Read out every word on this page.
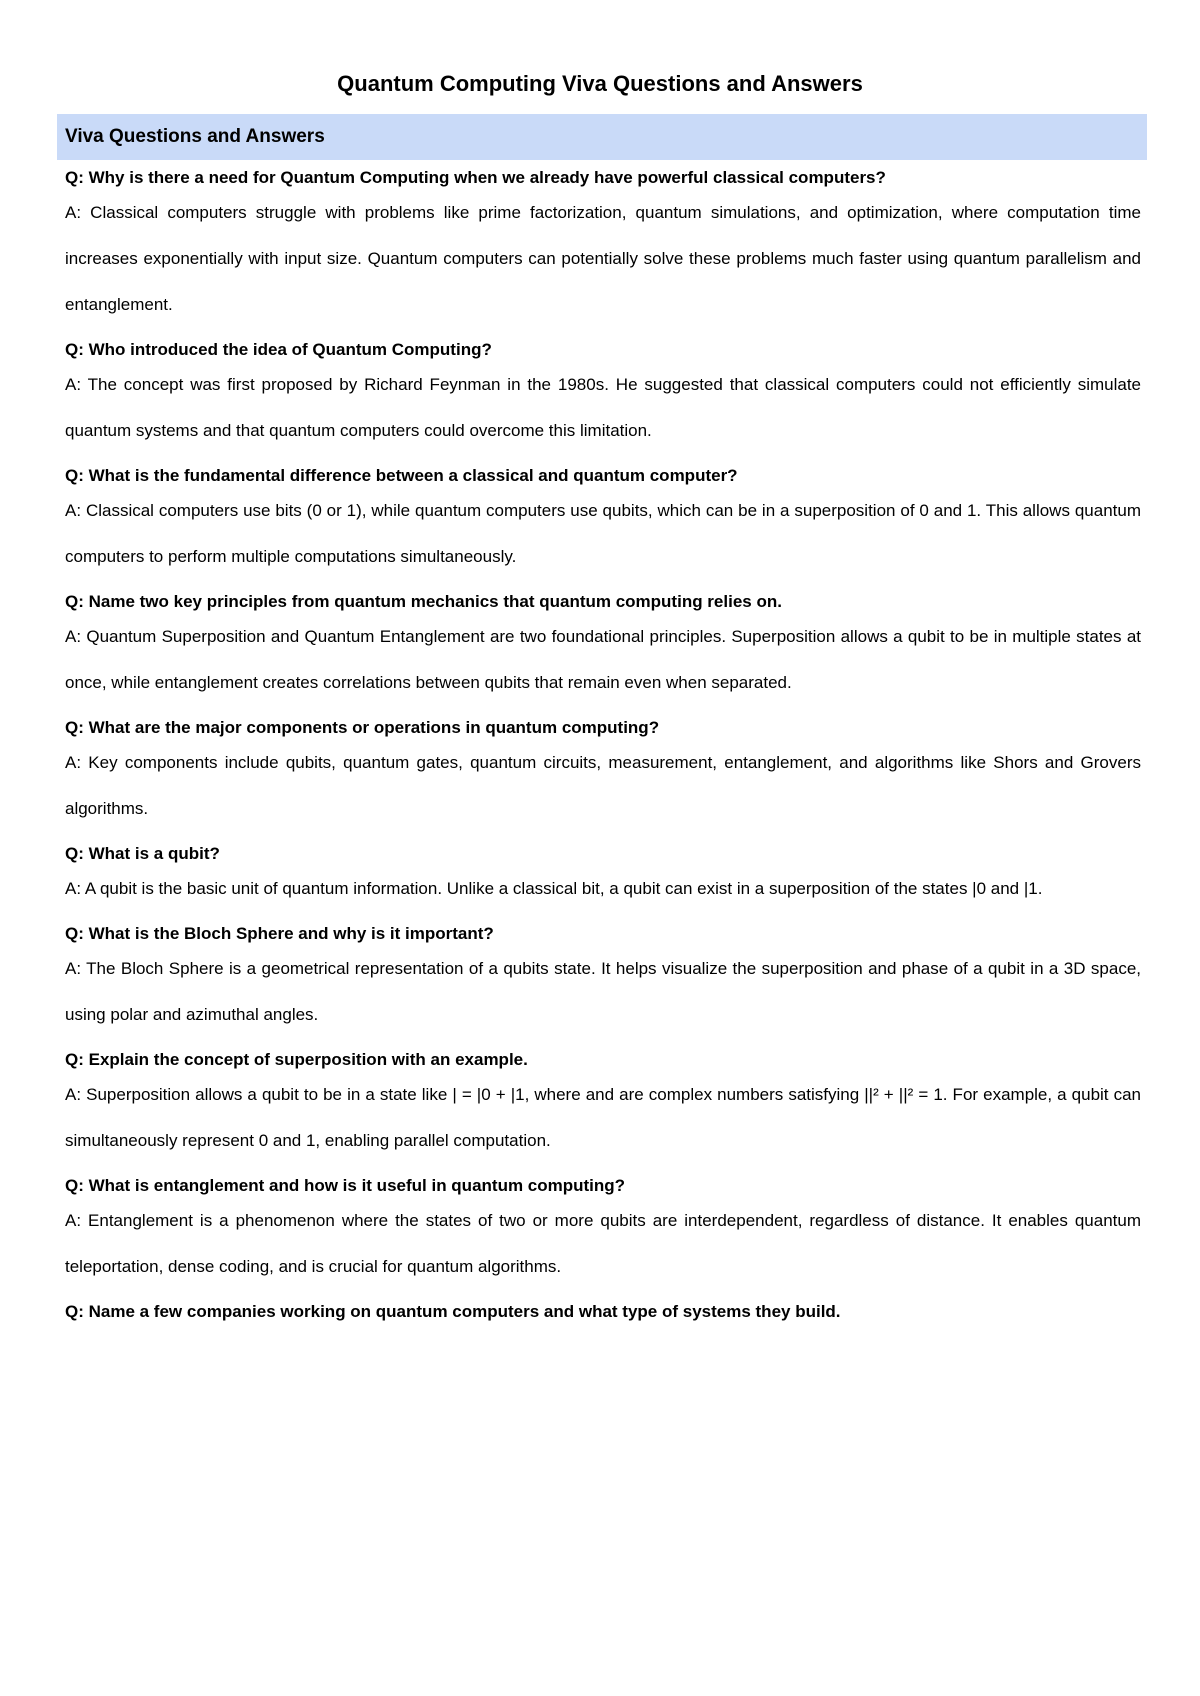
Quantum Computing Viva Questions and Answers
Viva Questions and Answers
Q: Why is there a need for Quantum Computing when we already have powerful classical computers?
A: Classical computers struggle with problems like prime factorization, quantum simulations, and optimization, where computation time increases exponentially with input size. Quantum computers can potentially solve these problems much faster using quantum parallelism and entanglement.
Q: Who introduced the idea of Quantum Computing?
A: The concept was first proposed by Richard Feynman in the 1980s. He suggested that classical computers could not efficiently simulate quantum systems and that quantum computers could overcome this limitation.
Q: What is the fundamental difference between a classical and quantum computer?
A: Classical computers use bits (0 or 1), while quantum computers use qubits, which can be in a superposition of 0 and 1. This allows quantum computers to perform multiple computations simultaneously.
Q: Name two key principles from quantum mechanics that quantum computing relies on.
A: Quantum Superposition and Quantum Entanglement are two foundational principles. Superposition allows a qubit to be in multiple states at once, while entanglement creates correlations between qubits that remain even when separated.
Q: What are the major components or operations in quantum computing?
A: Key components include qubits, quantum gates, quantum circuits, measurement, entanglement, and algorithms like Shors and Grovers algorithms.
Q: What is a qubit?
A: A qubit is the basic unit of quantum information. Unlike a classical bit, a qubit can exist in a superposition of the states |0 and |1.
Q: What is the Bloch Sphere and why is it important?
A: The Bloch Sphere is a geometrical representation of a qubits state. It helps visualize the superposition and phase of a qubit in a 3D space, using polar and azimuthal angles.
Q: Explain the concept of superposition with an example.
A: Superposition allows a qubit to be in a state like | = |0 + |1, where and are complex numbers satisfying ||² + ||² = 1. For example, a qubit can simultaneously represent 0 and 1, enabling parallel computation.
Q: What is entanglement and how is it useful in quantum computing?
A: Entanglement is a phenomenon where the states of two or more qubits are interdependent, regardless of distance. It enables quantum teleportation, dense coding, and is crucial for quantum algorithms.
Q: Name a few companies working on quantum computers and what type of systems they build.
